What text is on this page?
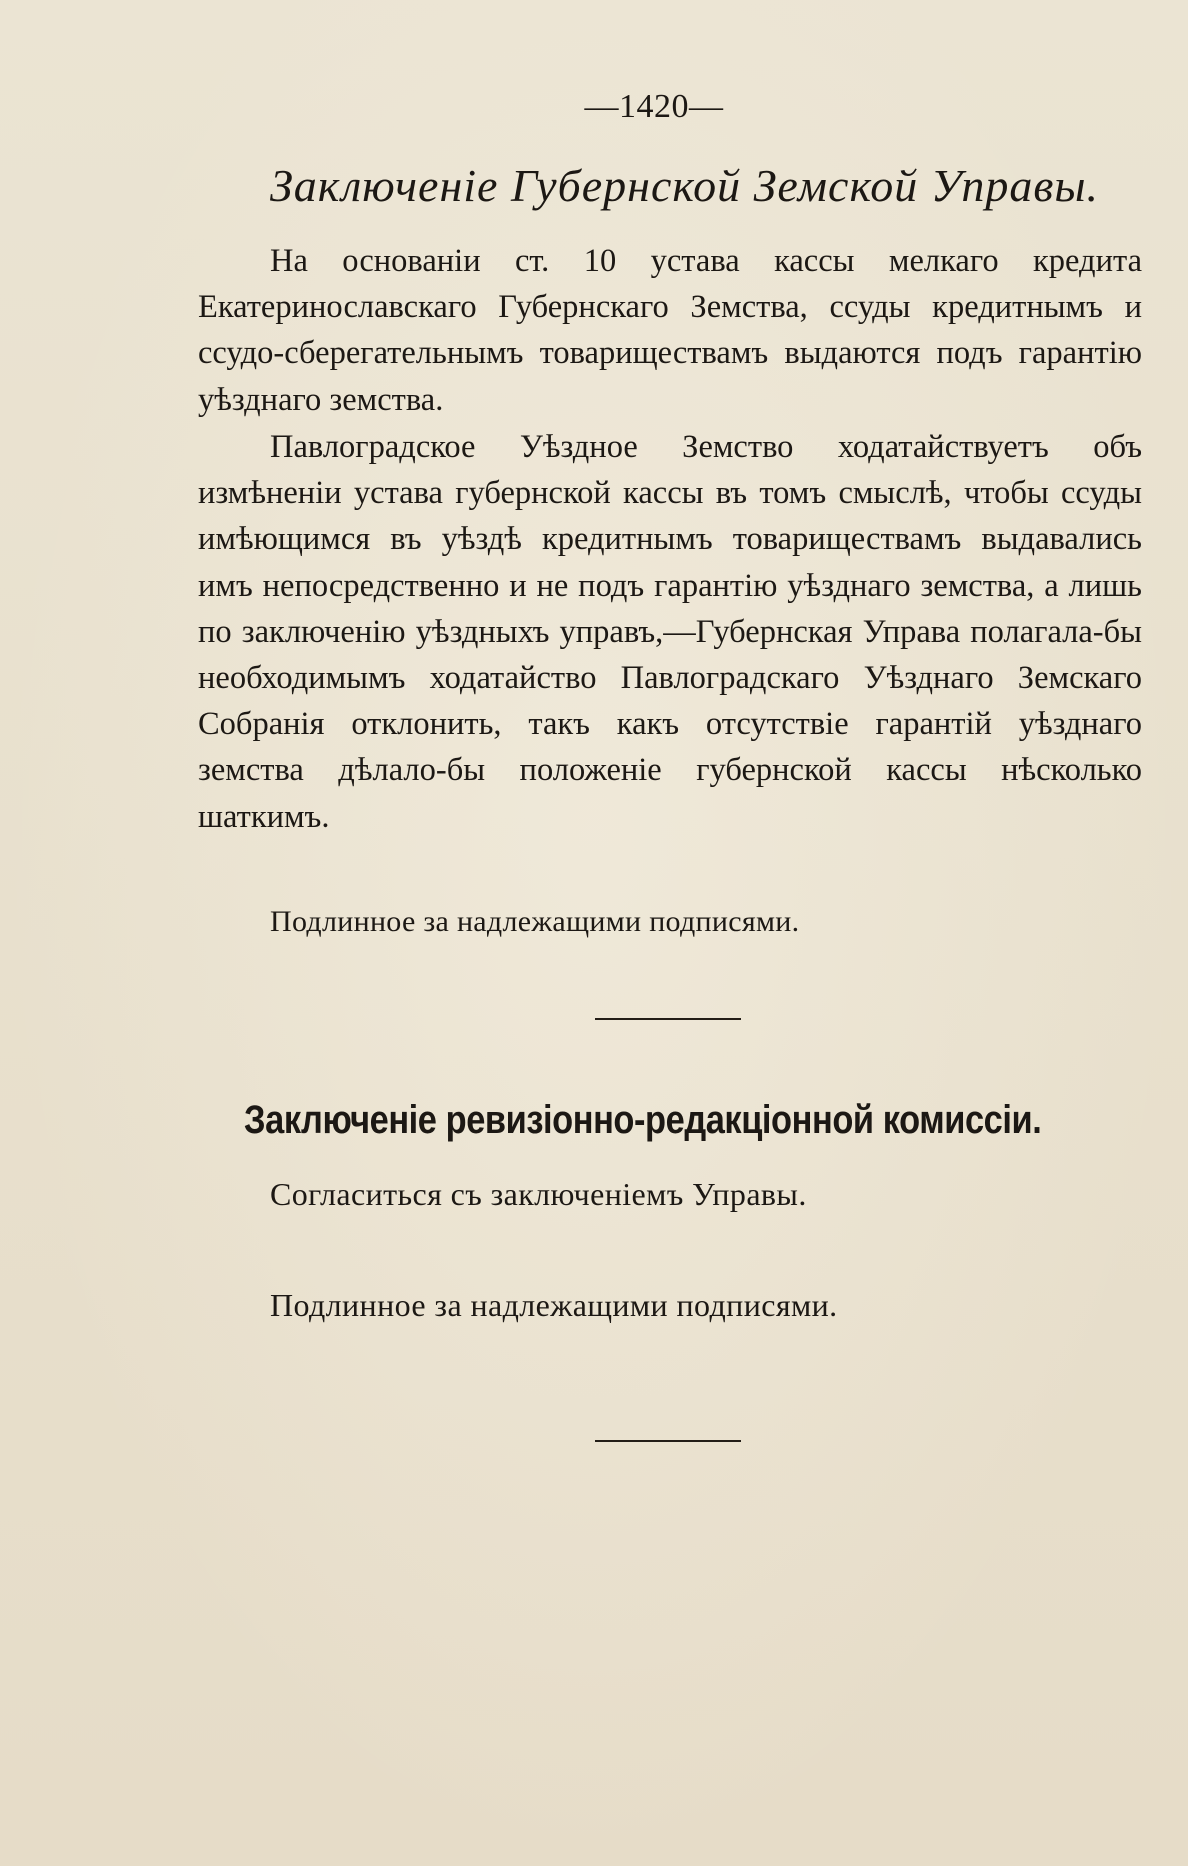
—1420—
Заключеніе Губернской Земской Управы.

На основаніи ст. 10 устава кассы мелкаго кредита Екатеринославскаго Губернскаго Земства, ссуды кредитнымъ и ссудо-сберегательнымъ товариществамъ выдаются подъ гарантію уѣзднаго земства.

Павлоградское Уѣздное Земство ходатайствуетъ объ измѣненіи устава губернской кассы въ томъ смыслѣ, чтобы ссуды имѣющимся въ уѣздѣ кредитнымъ товариществамъ выдавались имъ непосредственно и не подъ гарантію уѣзднаго земства, а лишь по заключенію уѣздныхъ управъ,—Губернская Управа полагала-бы необходимымъ ходатайство Павлоградскаго Уѣзднаго Земскаго Собранія отклонить, такъ какъ отсутствіе гарантій уѣзднаго земства дѣлало-бы положеніе губернской кассы нѣсколько шаткимъ.

Подлинное за надлежащими подписями.
Заключеніе ревизіонно-редакціонной комиссіи.
Согласиться съ заключеніемъ Управы.
Подлинное за надлежащими подписями.
